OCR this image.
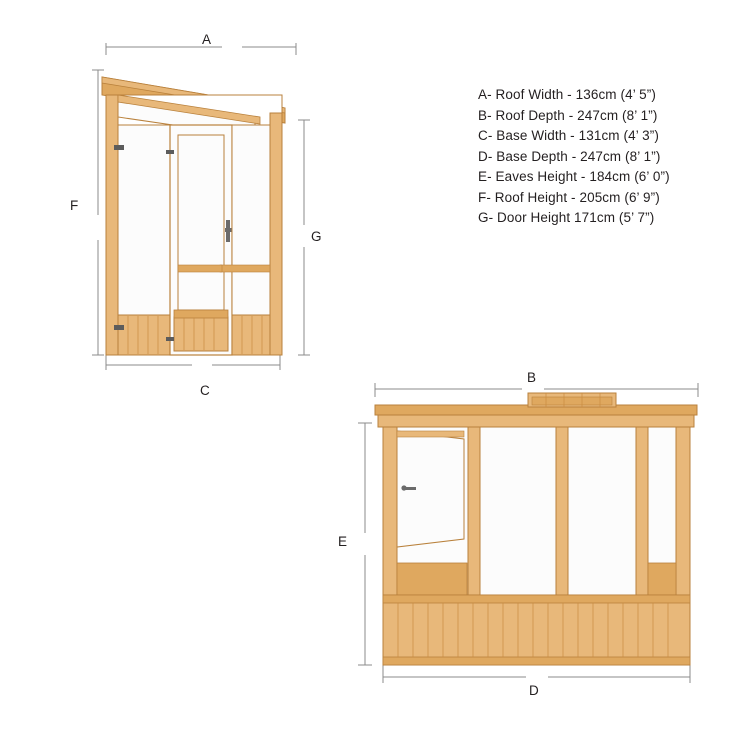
A- Roof Width - 136cm (4’ 5”)
B- Roof Depth - 247cm (8’ 1”)
C- Base Width - 131cm (4’ 3”)
D- Base Depth - 247cm (8’ 1”)
E- Eaves Height - 184cm (6’ 0”)
F- Roof Height - 205cm (6’ 9”)
G- Door Height 171cm (5’ 7”)
A
F
G
C
B
E
D
